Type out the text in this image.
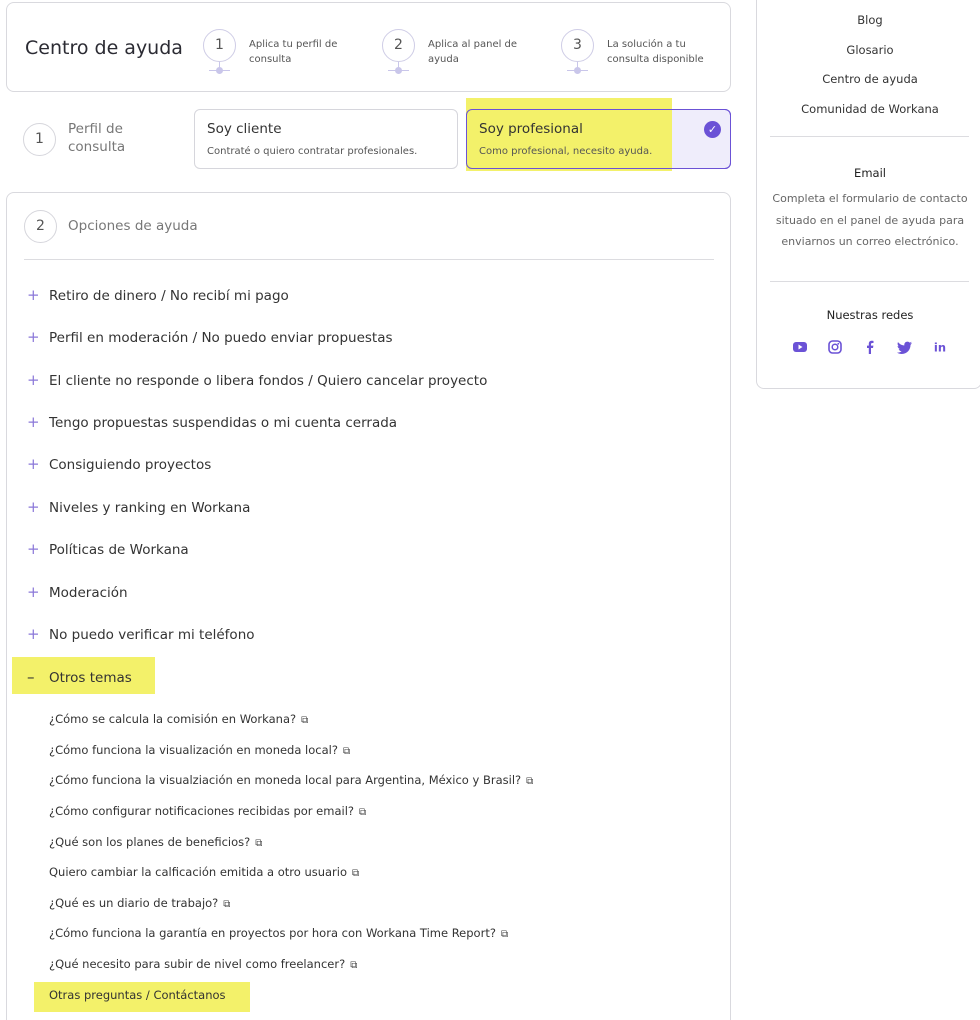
Centro de ayuda	1	Aplica tu perfil de consulta
2	Aplica al panel de ayuda
3	La solución a tu consulta disponible
1
Perfil de consulta
Soy cliente
Contraté o quiero contratar profesionales.
Soy profesional
Como profesional, necesito ayuda.
✓
2	Opciones de ayuda
+ Retiro de dinero / No recibí mi pago
+ Perfil en moderación / No puedo enviar propuestas
+ El cliente no responde o libera fondos / Quiero cancelar proyecto
+ Tengo propuestas suspendidas o mi cuenta cerrada
+ Consiguiendo proyectos
+ Niveles y ranking en Workana
+ Políticas de Workana
+ Moderación
+ No puedo verificar mi teléfono
– Otros temas
¿Cómo se calcula la comisión en Workana? ⧉
¿Cómo funciona la visualización en moneda local? ⧉
¿Cómo funciona la visualziación en moneda local para Argentina, México y Brasil? ⧉
¿Cómo configurar notificaciones recibidas por email? ⧉
¿Qué son los planes de beneficios? ⧉
Quiero cambiar la calficación emitida a otro usuario ⧉
¿Qué es un diario de trabajo? ⧉
¿Cómo funciona la garantía en proyectos por hora con Workana Time Report? ⧉
¿Qué necesito para subir de nivel como freelancer? ⧉
Otras preguntas / Contáctanos
Blog
Glosario
Centro de ayuda
Comunidad de Workana
Email
Completa el formulario de contacto situado en el panel de ayuda para enviarnos un correo electrónico.
Nuestras redes

in
